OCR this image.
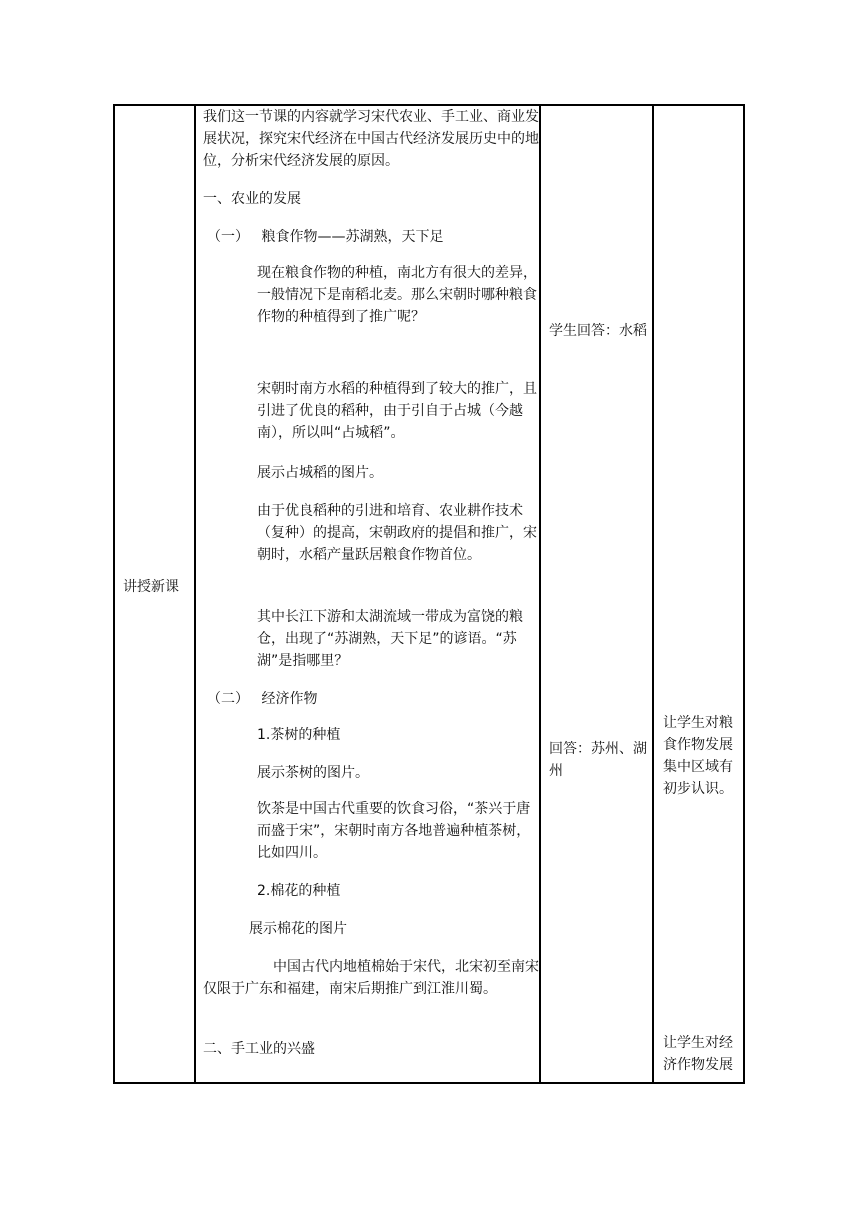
讲授新课

我们这一节课的内容就学习宋代农业、手工业、商业发展状况，探究宋代经济在中国古代经济发展历史中的地位，分析宋代经济发展的原因。

一、农业的发展

（一） 粮食作物——苏湖熟，天下足

现在粮食作物的种植，南北方有很大的差异，一般情况下是南稻北麦。那么宋朝时哪种粮食作物的种植得到了推广呢？

宋朝时南方水稻的种植得到了较大的推广，且引进了优良的稻种，由于引自于占城（今越南），所以叫“占城稻”。

展示占城稻的图片。

由于优良稻种的引进和培育、农业耕作技术（复种）的提高，宋朝政府的提倡和推广，宋朝时，水稻产量跃居粮食作物首位。

其中长江下游和太湖流域一带成为富饶的粮仓，出现了“苏湖熟，天下足”的谚语。“苏湖”是指哪里？

（二） 经济作物

1.茶树的种植

展示茶树的图片。

饮茶是中国古代重要的饮食习俗，“茶兴于唐而盛于宋”，宋朝时南方各地普遍种植茶树，比如四川。

2.棉花的种植

展示棉花的图片

中国古代内地植棉始于宋代，北宋初至南宋仅限于广东和福建，南宋后期推广到江淮川蜀。

二、手工业的兴盛

学生回答：水稻
回答：苏州、湖州
让学生对粮食作物发展集中区域有初步认识。
让学生对经济作物发展
